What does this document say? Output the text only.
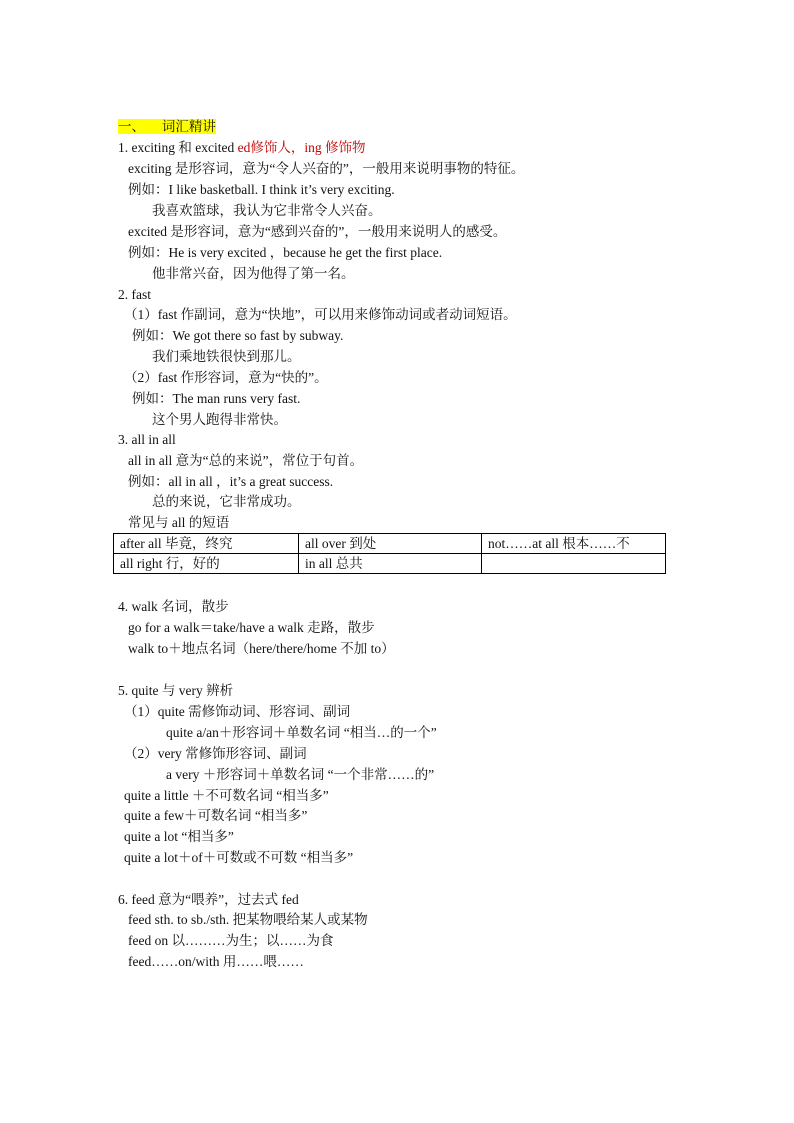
一、 词汇精讲
1. exciting 和 excited ed修饰人，ing 修饰物
exciting 是形容词，意为“令人兴奋的”，一般用来说明事物的特征。
例如：I like basketball. I think it’s very exciting.
我喜欢篮球，我认为它非常令人兴奋。
excited 是形容词，意为“感到兴奋的”，一般用来说明人的感受。
例如：He is very excited ，because he get the first place.
他非常兴奋，因为他得了第一名。
2. fast
（1）fast 作副词，意为“快地”，可以用来修饰动词或者动词短语。
例如：We got there so fast by subway.
我们乘地铁很快到那儿。
（2）fast 作形容词，意为“快的”。
例如：The man runs very fast.
这个男人跑得非常快。
3. all in all
all in all 意为“总的来说”，常位于句首。
例如：all in all ，it’s a great success.
总的来说，它非常成功。
常见与 all 的短语
after all 毕竟，终究	all over 到处	not……at all 根本……不
all right 行，好的	in all 总共	
4. walk 名词，散步
go for a walk＝take/have a walk 走路，散步
walk to＋地点名词（here/there/home 不加 to）
5. quite 与 very 辨析
（1）quite 需修饰动词、形容词、副词
quite a/an＋形容词＋单数名词 “相当…的一个”
（2）very 常修饰形容词、副词
a very ＋形容词＋单数名词 “一个非常……的”
quite a little ＋不可数名词 “相当多”
quite a few＋可数名词 “相当多”
quite a lot “相当多”
quite a lot＋of＋可数或不可数 “相当多”
6. feed 意为“喂养”，过去式 fed
feed sth. to sb./sth. 把某物喂给某人或某物
feed on 以………为生；以……为食
feed……on/with 用……喂……
